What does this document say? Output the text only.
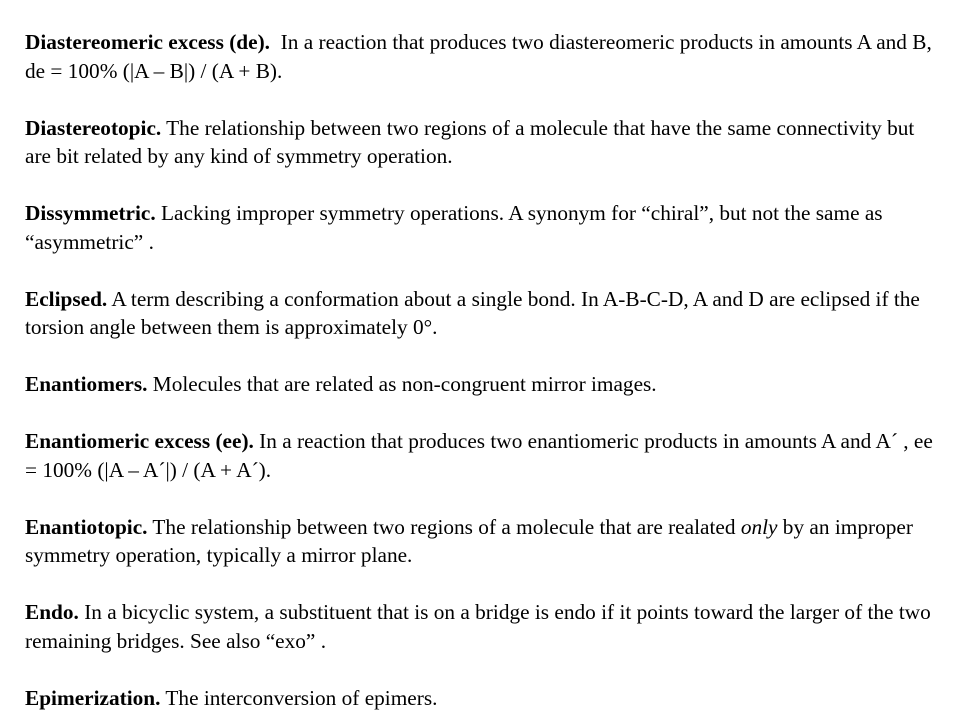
Diastereomeric excess (de).  In a reaction that produces two diastereomeric products in amounts A and B, de = 100% (|A – B|) / (A + B).

Diastereotopic. The relationship between two regions of a molecule that have the same connectivity but are bit related by any kind of symmetry operation.

Dissymmetric. Lacking improper symmetry operations. A synonym for “chiral”, but not the same as “asymmetric” .

Eclipsed. A term describing a conformation about a single bond. In A-B-C-D, A and D are eclipsed if the torsion angle between them is approximately 0°.

Enantiomers. Molecules that are related as non-congruent mirror images.

Enantiomeric excess (ee). In a reaction that produces two enantiomeric products in amounts A and A´ , ee = 100% (|A – A´|) / (A + A´).

Enantiotopic. The relationship between two regions of a molecule that are realated only by an improper symmetry operation, typically a mirror plane.

Endo. In a bicyclic system, a substituent that is on a bridge is endo if it points toward the larger of the two remaining bridges. See also “exo” .

Epimerization. The interconversion of epimers.
